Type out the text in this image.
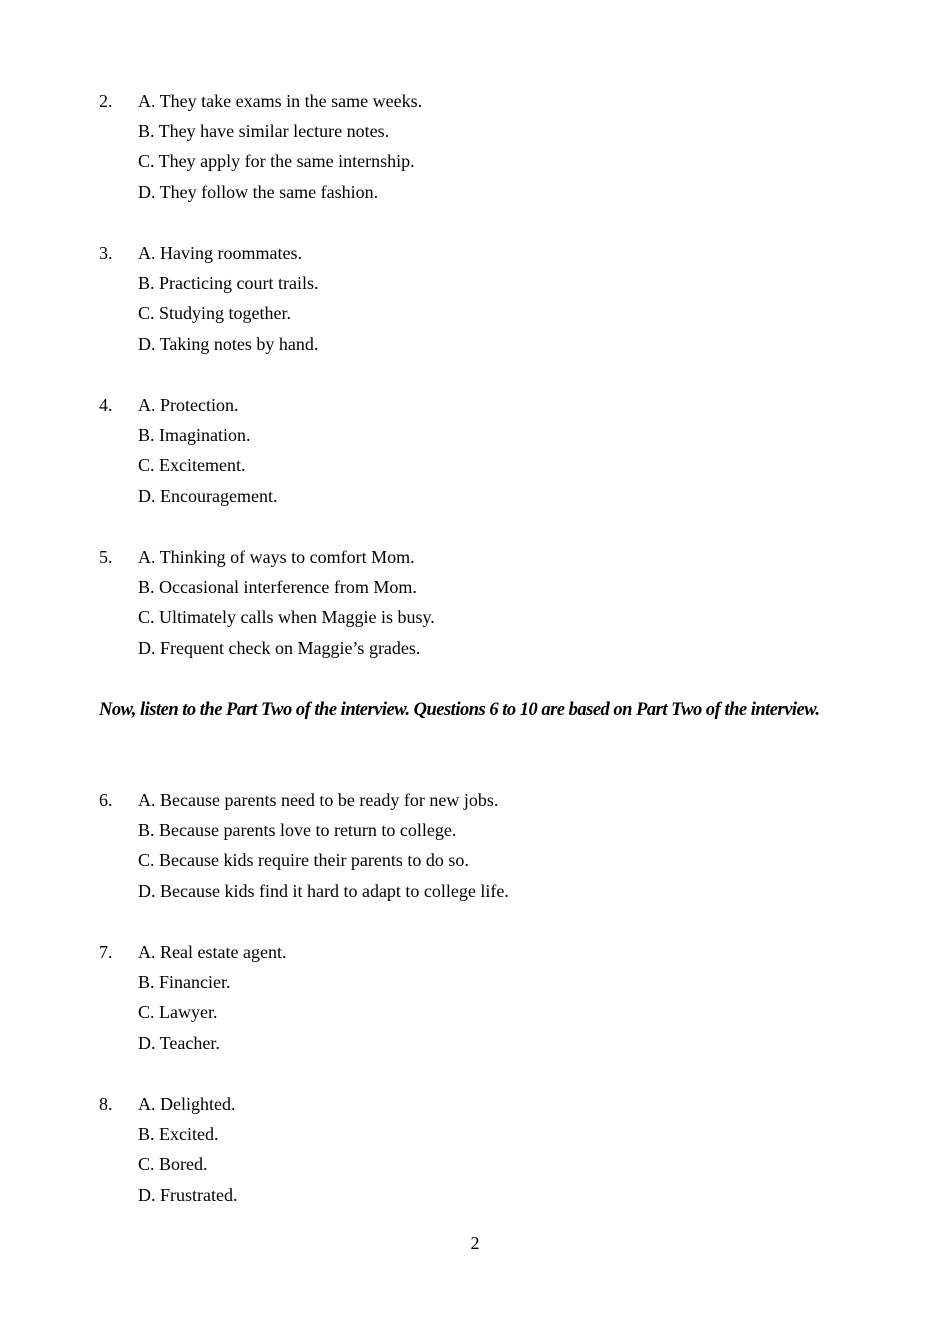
2. A. They take exams in the same weeks.
B. They have similar lecture notes.
C. They apply for the same internship.
D. They follow the same fashion.
3. A. Having roommates.
B. Practicing court trails.
C. Studying together.
D. Taking notes by hand.
4. A. Protection.
B. Imagination.
C. Excitement.
D. Encouragement.
5. A. Thinking of ways to comfort Mom.
B. Occasional interference from Mom.
C. Ultimately calls when Maggie is busy.
D. Frequent check on Maggie’s grades.
Now, listen to the Part Two of the interview. Questions 6 to 10 are based on Part Two of the interview.
6. A. Because parents need to be ready for new jobs.
B. Because parents love to return to college.
C. Because kids require their parents to do so.
D. Because kids find it hard to adapt to college life.
7. A. Real estate agent.
B. Financier.
C. Lawyer.
D. Teacher.
8. A. Delighted.
B. Excited.
C. Bored.
D. Frustrated.
2
